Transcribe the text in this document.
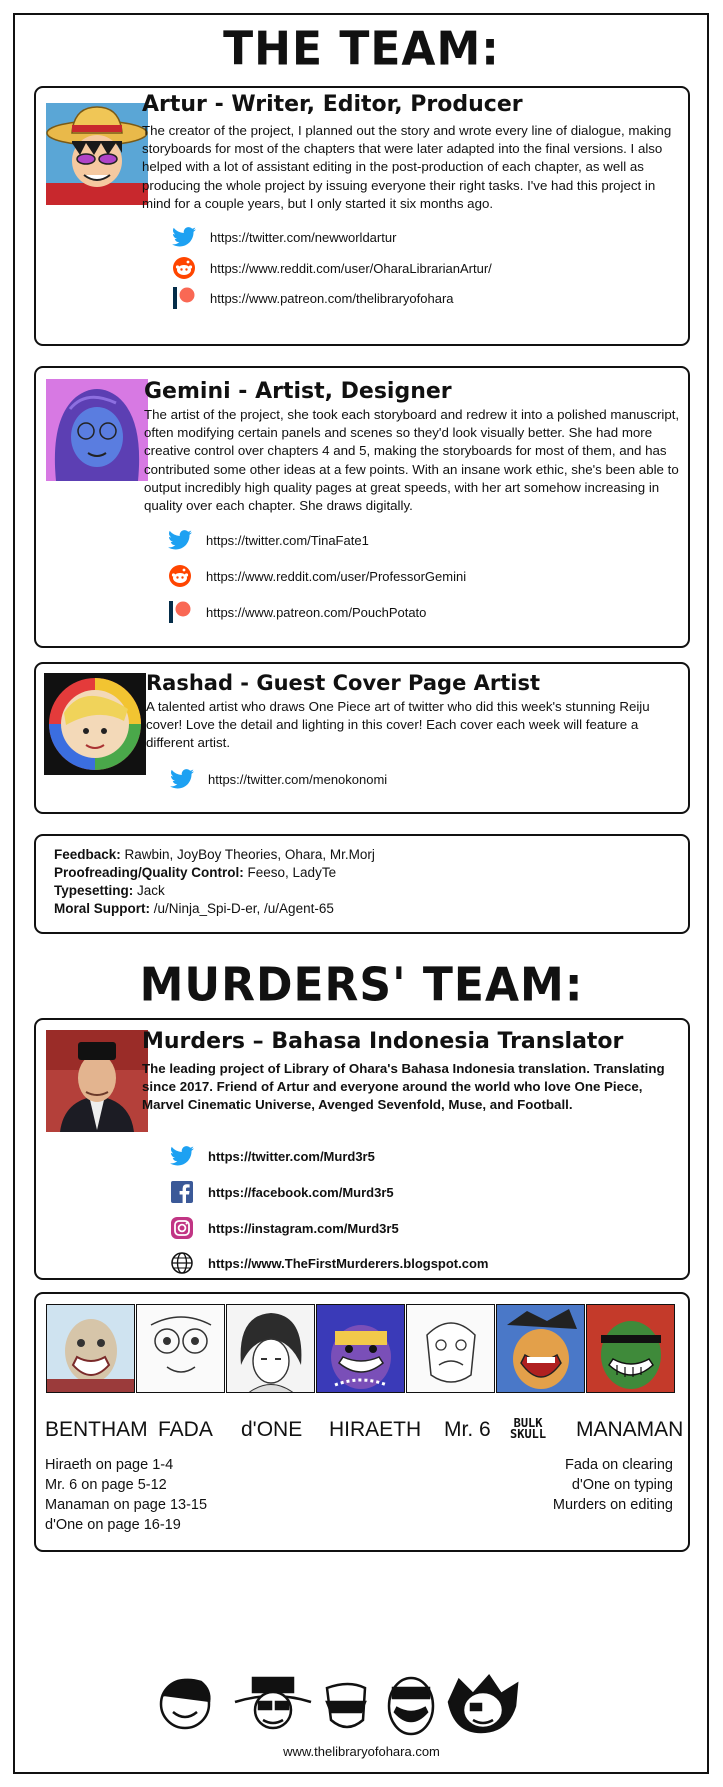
THE TEAM:
Artur - Writer, Editor, Producer

The creator of the project, I planned out the story and wrote every line of dialogue, making storyboards for most of the chapters that were later adapted into the final versions. I also helped with a lot of assistant editing in the post-production of each chapter, as well as producing the whole project by issuing everyone their right tasks. I've had this project in mind for a couple years, but I only started it six months ago.

https://twitter.com/newworldartur
https://www.reddit.com/user/OharaLibrarianArtur/
https://www.patreon.com/thelibraryofohara
Gemini - Artist, Designer

The artist of the project, she took each storyboard and redrew it into a polished manuscript, often modifying certain panels and scenes so they'd look visually better. She had more creative control over chapters 4 and 5, making the storyboards for most of them, and has contributed some other ideas at a few points. With an insane work ethic, she's been able to output incredibly high quality pages at great speeds, with her art somehow increasing in quality over each chapter. She draws digitally.

https://twitter.com/TinaFate1
https://www.reddit.com/user/ProfessorGemini
https://www.patreon.com/PouchPotato
Rashad - Guest Cover Page Artist

A talented artist who draws One Piece art of twitter who did this week's stunning Reiju cover! Love the detail and lighting in this cover! Each cover each week will feature a different artist.

https://twitter.com/menokonomi
Feedback: Rawbin, JoyBoy Theories, Ohara, Mr.Morj
Proofreading/Quality Control: Feeso, LadyTe
Typesetting: Jack
Moral Support: /u/Ninja_Spi-D-er, /u/Agent-65
MURDERS' TEAM:
Murders – Bahasa Indonesia Translator

The leading project of Library of Ohara's Bahasa Indonesia translation. Translating since 2017. Friend of Artur and everyone around the world who love One Piece, Marvel Cinematic Universe, Avenged Sevenfold, Muse, and Football.

https://twitter.com/Murd3r5
https://facebook.com/Murd3r5
https://instagram.com/Murd3r5
https://www.TheFirstMurderers.blogspot.com
BENTHAM FADA d'ONE HIRAETH Mr. 6	BULK
SKULL MANAMAN
Hiraeth on page 1-4
Mr. 6 on page 5-12
Manaman on page 13-15
d'One on page 16-19
Fada on clearing
d'One on typing
Murders on editing
www.thelibraryofohara.com
